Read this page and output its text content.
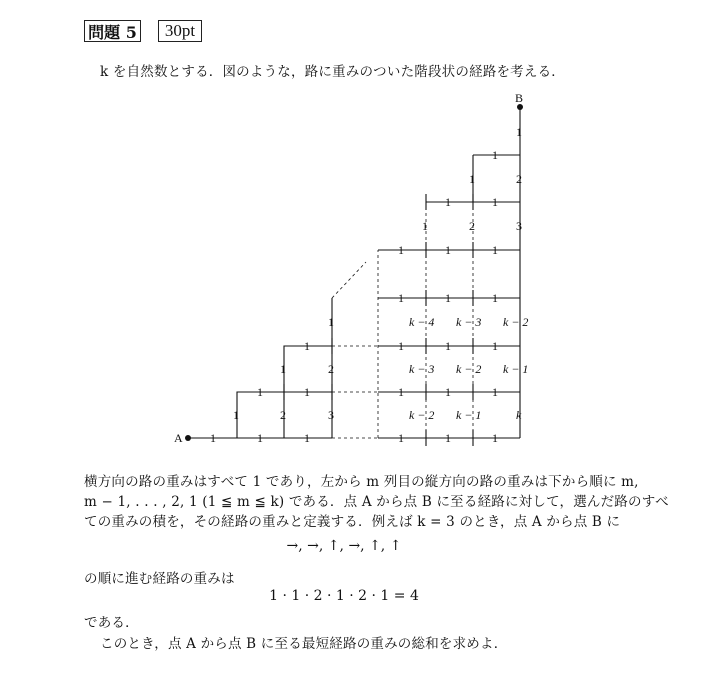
問題 5	30pt
k を自然数とする．図のような，路に重みのついた階段状の経路を考える．
A
B
1	1	1	1	1	1
1	1	1	1	1
1	1	1	1
1	1	1
1	1	1
1	1
1
1	2	3
1	2
1
k − 2 k − 1	k
k − 3 k − 2 k − 1
k − 4 k − 3 k − 2
1	2	3
1	2
1
横方向の路の重みはすべて 1 であり，左から m 列目の縦方向の路の重みは下から順に m,
m − 1, . . . , 2, 1 (1 ≦ m ≦ k) である．点 A から点 B に至る経路に対して，選んだ路のすべ
ての重みの積を，その経路の重みと定義する．例えば k = 3 のとき，点 A から点 B に
→, →, ↑, →, ↑, ↑
の順に進む経路の重みは
1 · 1 · 2 · 1 · 2 · 1 = 4
である．
このとき，点 A から点 B に至る最短経路の重みの総和を求めよ．
